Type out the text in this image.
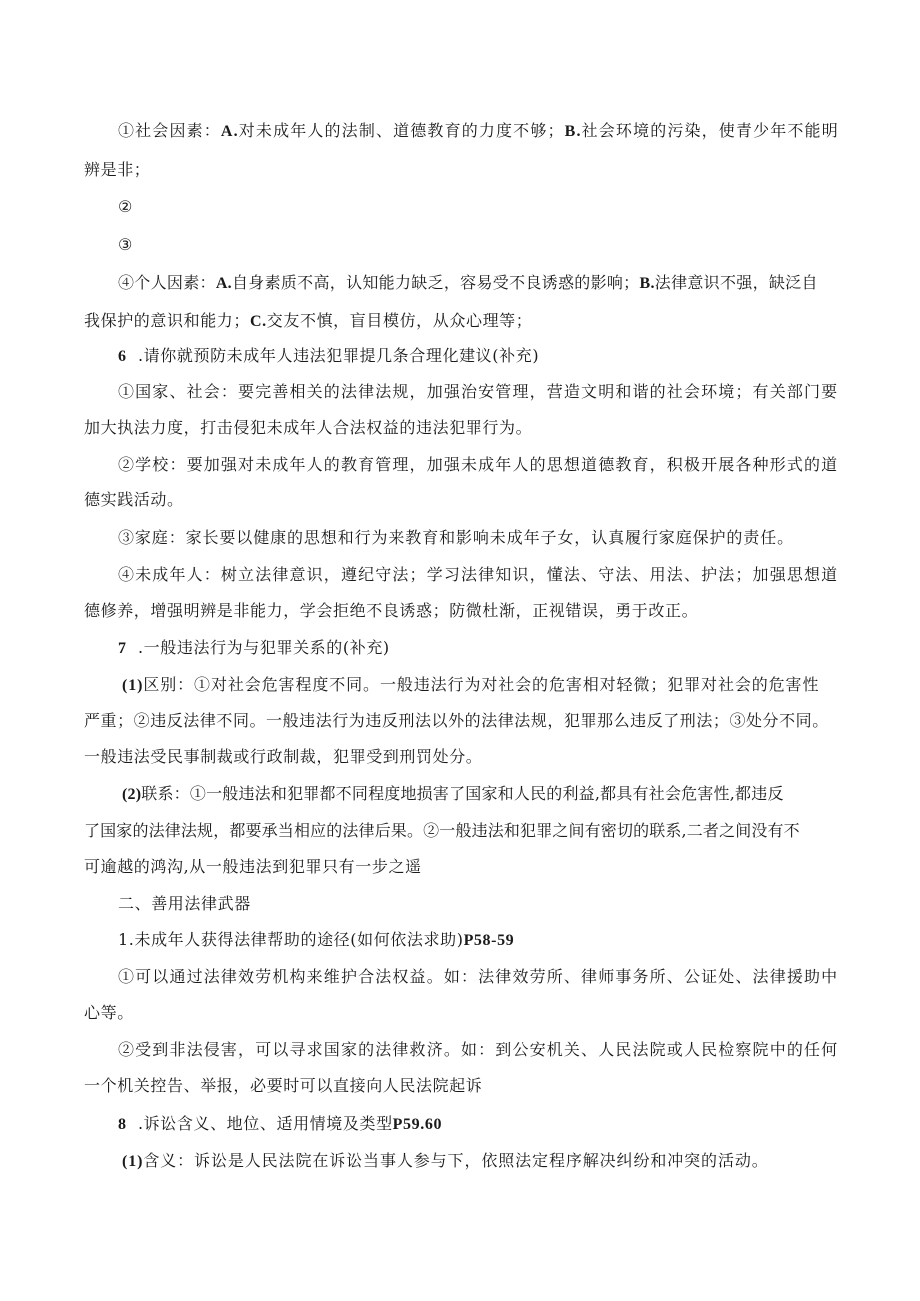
①社会因素：A.对未成年人的法制、道德教育的力度不够；B.社会环境的污染，使青少年不能明
辨是非；
②
③
④个人因素：A.自身素质不高，认知能力缺乏，容易受不良诱惑的影响；B.法律意识不强，缺泛自
我保护的意识和能力；C.交友不慎，盲目模仿，从众心理等；
6 .请你就预防未成年人违法犯罪提几条合理化建议(补充)
①国家、社会：要完善相关的法律法规，加强治安管理，营造文明和谐的社会环境；有关部门要
加大执法力度，打击侵犯未成年人合法权益的违法犯罪行为。
②学校：要加强对未成年人的教育管理，加强未成年人的思想道德教育，积极开展各种形式的道
德实践活动。
③家庭：家长要以健康的思想和行为来教育和影响未成年子女，认真履行家庭保护的责任。
④未成年人：树立法律意识，遵纪守法；学习法律知识，懂法、守法、用法、护法；加强思想道
德修养，增强明辨是非能力，学会拒绝不良诱惑；防微杜渐，正视错误，勇于改正。
7 .一般违法行为与犯罪关系的(补充)
(1)区别：①对社会危害程度不同。一般违法行为对社会的危害相对轻微；犯罪对社会的危害性
严重；②违反法律不同。一般违法行为违反刑法以外的法律法规，犯罪那么违反了刑法；③处分不同。
一般违法受民事制裁或行政制裁，犯罪受到刑罚处分。
(2)联系：①一般违法和犯罪都不同程度地损害了国家和人民的利益,都具有社会危害性,都违反
了国家的法律法规，都要承当相应的法律后果。②一般违法和犯罪之间有密切的联系,二者之间没有不
可逾越的鸿沟,从一般违法到犯罪只有一步之遥
二、善用法律武器
1.未成年人获得法律帮助的途径(如何依法求助)P58-59
①可以通过法律效劳机构来维护合法权益。如：法律效劳所、律师事务所、公证处、法律援助中
心等。
②受到非法侵害，可以寻求国家的法律救济。如：到公安机关、人民法院或人民检察院中的任何
一个机关控告、举报，必要时可以直接向人民法院起诉
8 .诉讼含义、地位、适用情境及类型P59.60
(1)含义：诉讼是人民法院在诉讼当事人参与下，依照法定程序解决纠纷和冲突的活动。
